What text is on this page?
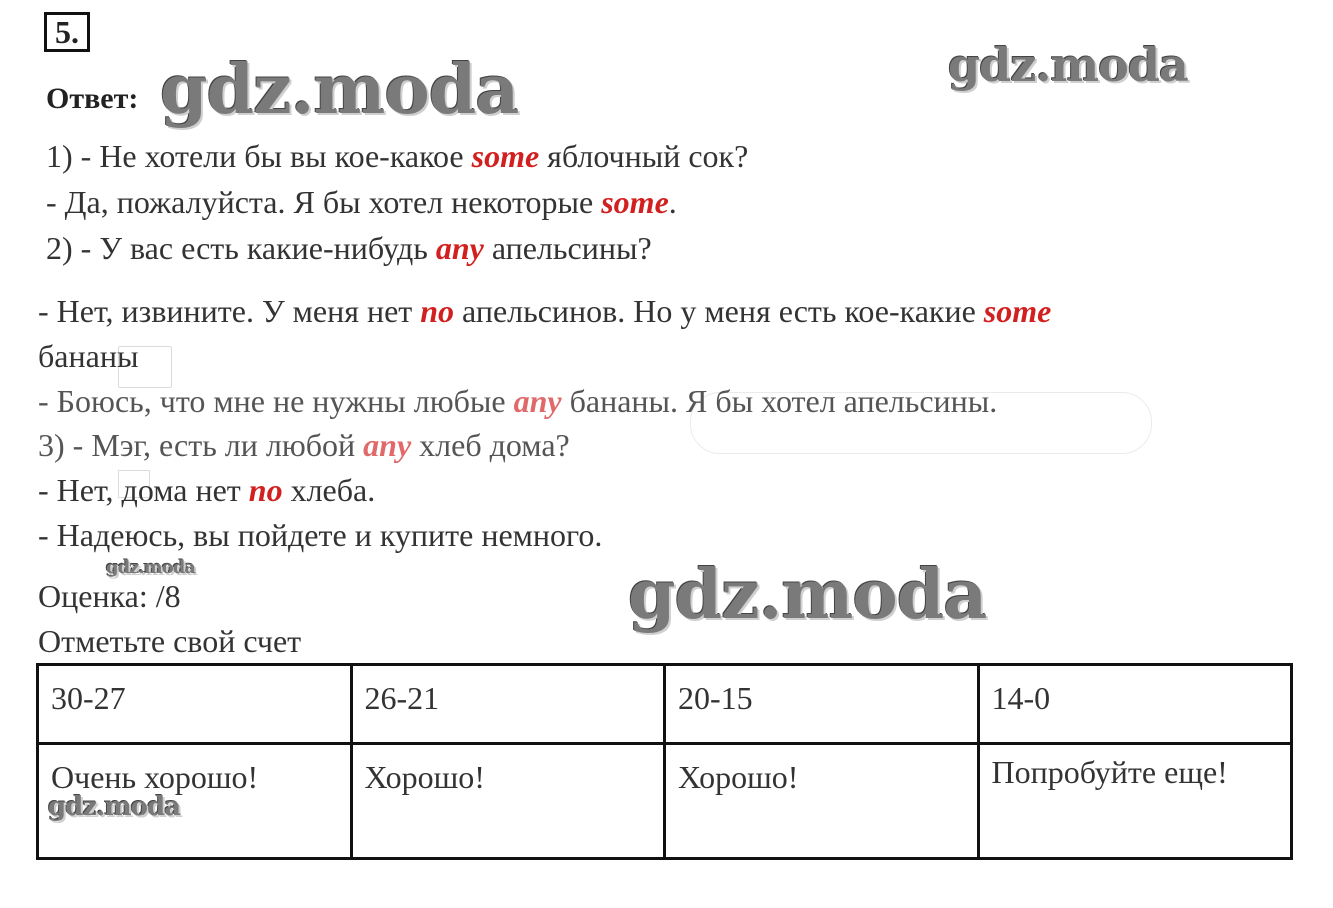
5.
Ответ: gdz.moda	gdz.moda
gdz.moda
gdz.moda
gdz.moda
1) - Не хотели бы вы кое-какое some яблочный сок?
- Да, пожалуйста. Я бы хотел некоторые some.
2) - У вас есть какие-нибудь any апельсины?
- Нет, извините. У меня нет no апельсинов. Но у меня есть кое-какие some
бананы
- Боюсь, что мне не нужны любые any бананы. Я бы хотел апельсины.
3) - Мэг, есть ли любой any хлеб дома?
- Нет, дома нет no хлеба.
- Надеюсь, вы пойдете и купите немного.
Оценка: /8
Отметьте свой счет
30-27	26-21	20-15	14-0
Очень хорошо!	Хорошо!	Хорошо!	Попробуйте еще!
